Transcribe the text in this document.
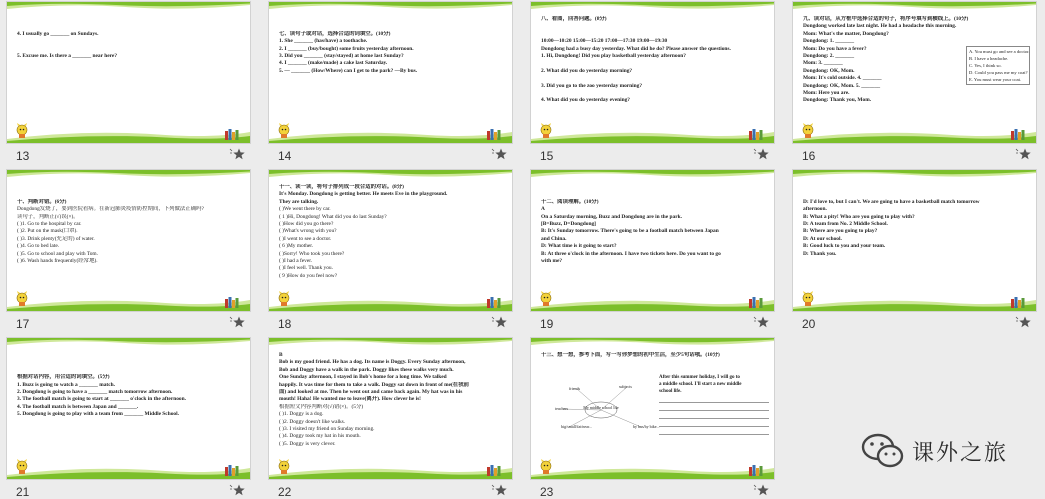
4. I usually go _______ on Sundays.

5. Excuse me. Is there a _______ near here?
13

七、读句子或对话，选择合适的词填空。(10分)
1. She _______ (has/have) a toothache.
2. I _______ (buy/bought) some fruits yesterday afternoon.
3. Did you _______ (stay/stayed) at home last Sunday?
4. I _______ (make/made) a cake last Saturday.
5. — _______ (How/Where) can I get to the park? —By bus.
14
八、看图，回答问题。(8分)

10:00—10:20 15:00—15:20 17:00—17:30 19:00—19:30
Dongdong had a busy day yesterday. What did he do? Please answer the questions.
1. Hi, Dongdong! Did you play basketball yesterday afternoon?

2. What did you do yesterday morning?

3. Did you go to the zoo yesterday morning?

4. What did you do yesterday evening?
15
九、读对话，从方框中选择合适的句子，将序号填写到横线上。(10分)
Dongdong worked late last night. He had a headache this morning.
Mom: What's the matter, Dongdong?
Dongdong: 1. _______
Mom: Do you have a fever?
Dongdong: 2. _______
Mom: 3. _______
Dongdong: OK, Mom.
Mom: It's cold outside. 4. _______
Dongdong: OK, Mom. 5. _______
Mom: Here you are.
Dongdong: Thank you, Mom.
A. You must go and see a doctor.
B. I have a headache.
C. Yes, I think so.
D. Could you pass me my coat?
E. You must wear your coat.
16

十、判断对错。(6分)
Dongdong发烧了，要到医院看病。在新冠肺炎疫情防控期间，下列做法正确吗?
读句子，判断正(√)误(×)。
( )1. Go to the hospital by car.
( )2. Put on the mask(口罩).
( )3. Drink plenty(充足的) of water.
( )4. Go to bed late.
( )5. Go to school and play with Tom.
( )6. Wash hands frequently(经常地).
17
十一、读一读，将句子排列成一段合适的对话。(8分)
It's Monday. Dongdong is getting better. He meets Eve in the playground.
They are talking.
( )We went there by car.
( 1 )Hi, Dongdong! What did you do last Sunday?
( )How did you go there?
( )What's wrong with you?
( )I went to see a doctor.
( 6 )My mother.
( )Sorry! Who took you there?
( )I had a fever.
( )I feel well. Thank you.
( 9 )How do you feel now?
18

十二、阅读理解。(10分)
A
On a Saturday morning, Buzz and Dongdong are in the park.
[B=Buzz, D=Dongdong]
B: It's Sunday tomorrow. There's going to be a football match between Japan
and China.
D: What time is it going to start?
B: At three o'clock in the afternoon. I have two tickets here. Do you want to go
with me?
19

D: I'd love to, but I can't. We are going to have a basketball match tomorrow
afternoon.
B: What a pity! Who are you going to play with?
D: A team from No. 2 Middle School.
B: Where are you going to play?
D: At our school.
B: Good luck to you and your team.
D: Thank you.
20

根据对话内容，用合适的词填空。(5分)
1. Buzz is going to watch a _______ match.
2. Dongdong is going to have a _______ match tomorrow afternoon.
3. The football match is going to start at _______ o'clock in the afternoon.
4. The football match is between Japan and _______.
5. Dongdong is going to play with a team from _______ Middle School.
21
B
Bob is my good friend. He has a dog. Its name is Doggy. Every Sunday afternoon,
Bob and Doggy have a walk in the park. Doggy likes these walks very much.
One Sunday afternoon, I stayed in Bob's home for a long time. We talked
happily. It was time for them to take a walk. Doggy sat down in front of me(在我前
面) and looked at me. Then he went out and came back again. My hat was in his
mouth! Haha! He wanted me to leave(离开). How clever he is!
根据短文内容判断对(√)错(×)。(5分)
( )1. Doggy is a dog.
( )2. Doggy doesn't like walks.
( )3. I visited my friend on Sunday morning.
( )4. Doggy took my hat in his mouth.
( )5. Doggy is very clever.
22
十三、想一想，参考下面，写一写你梦想的初中生活，至少5句话哦。(10分)
My middle school life
friends	subjects
teachers
big/small/fat/near...	by bus/by bike...
After this summer holiday, I will go to
a middle school. I'll start a new middle
school life.
23
课外之旅
